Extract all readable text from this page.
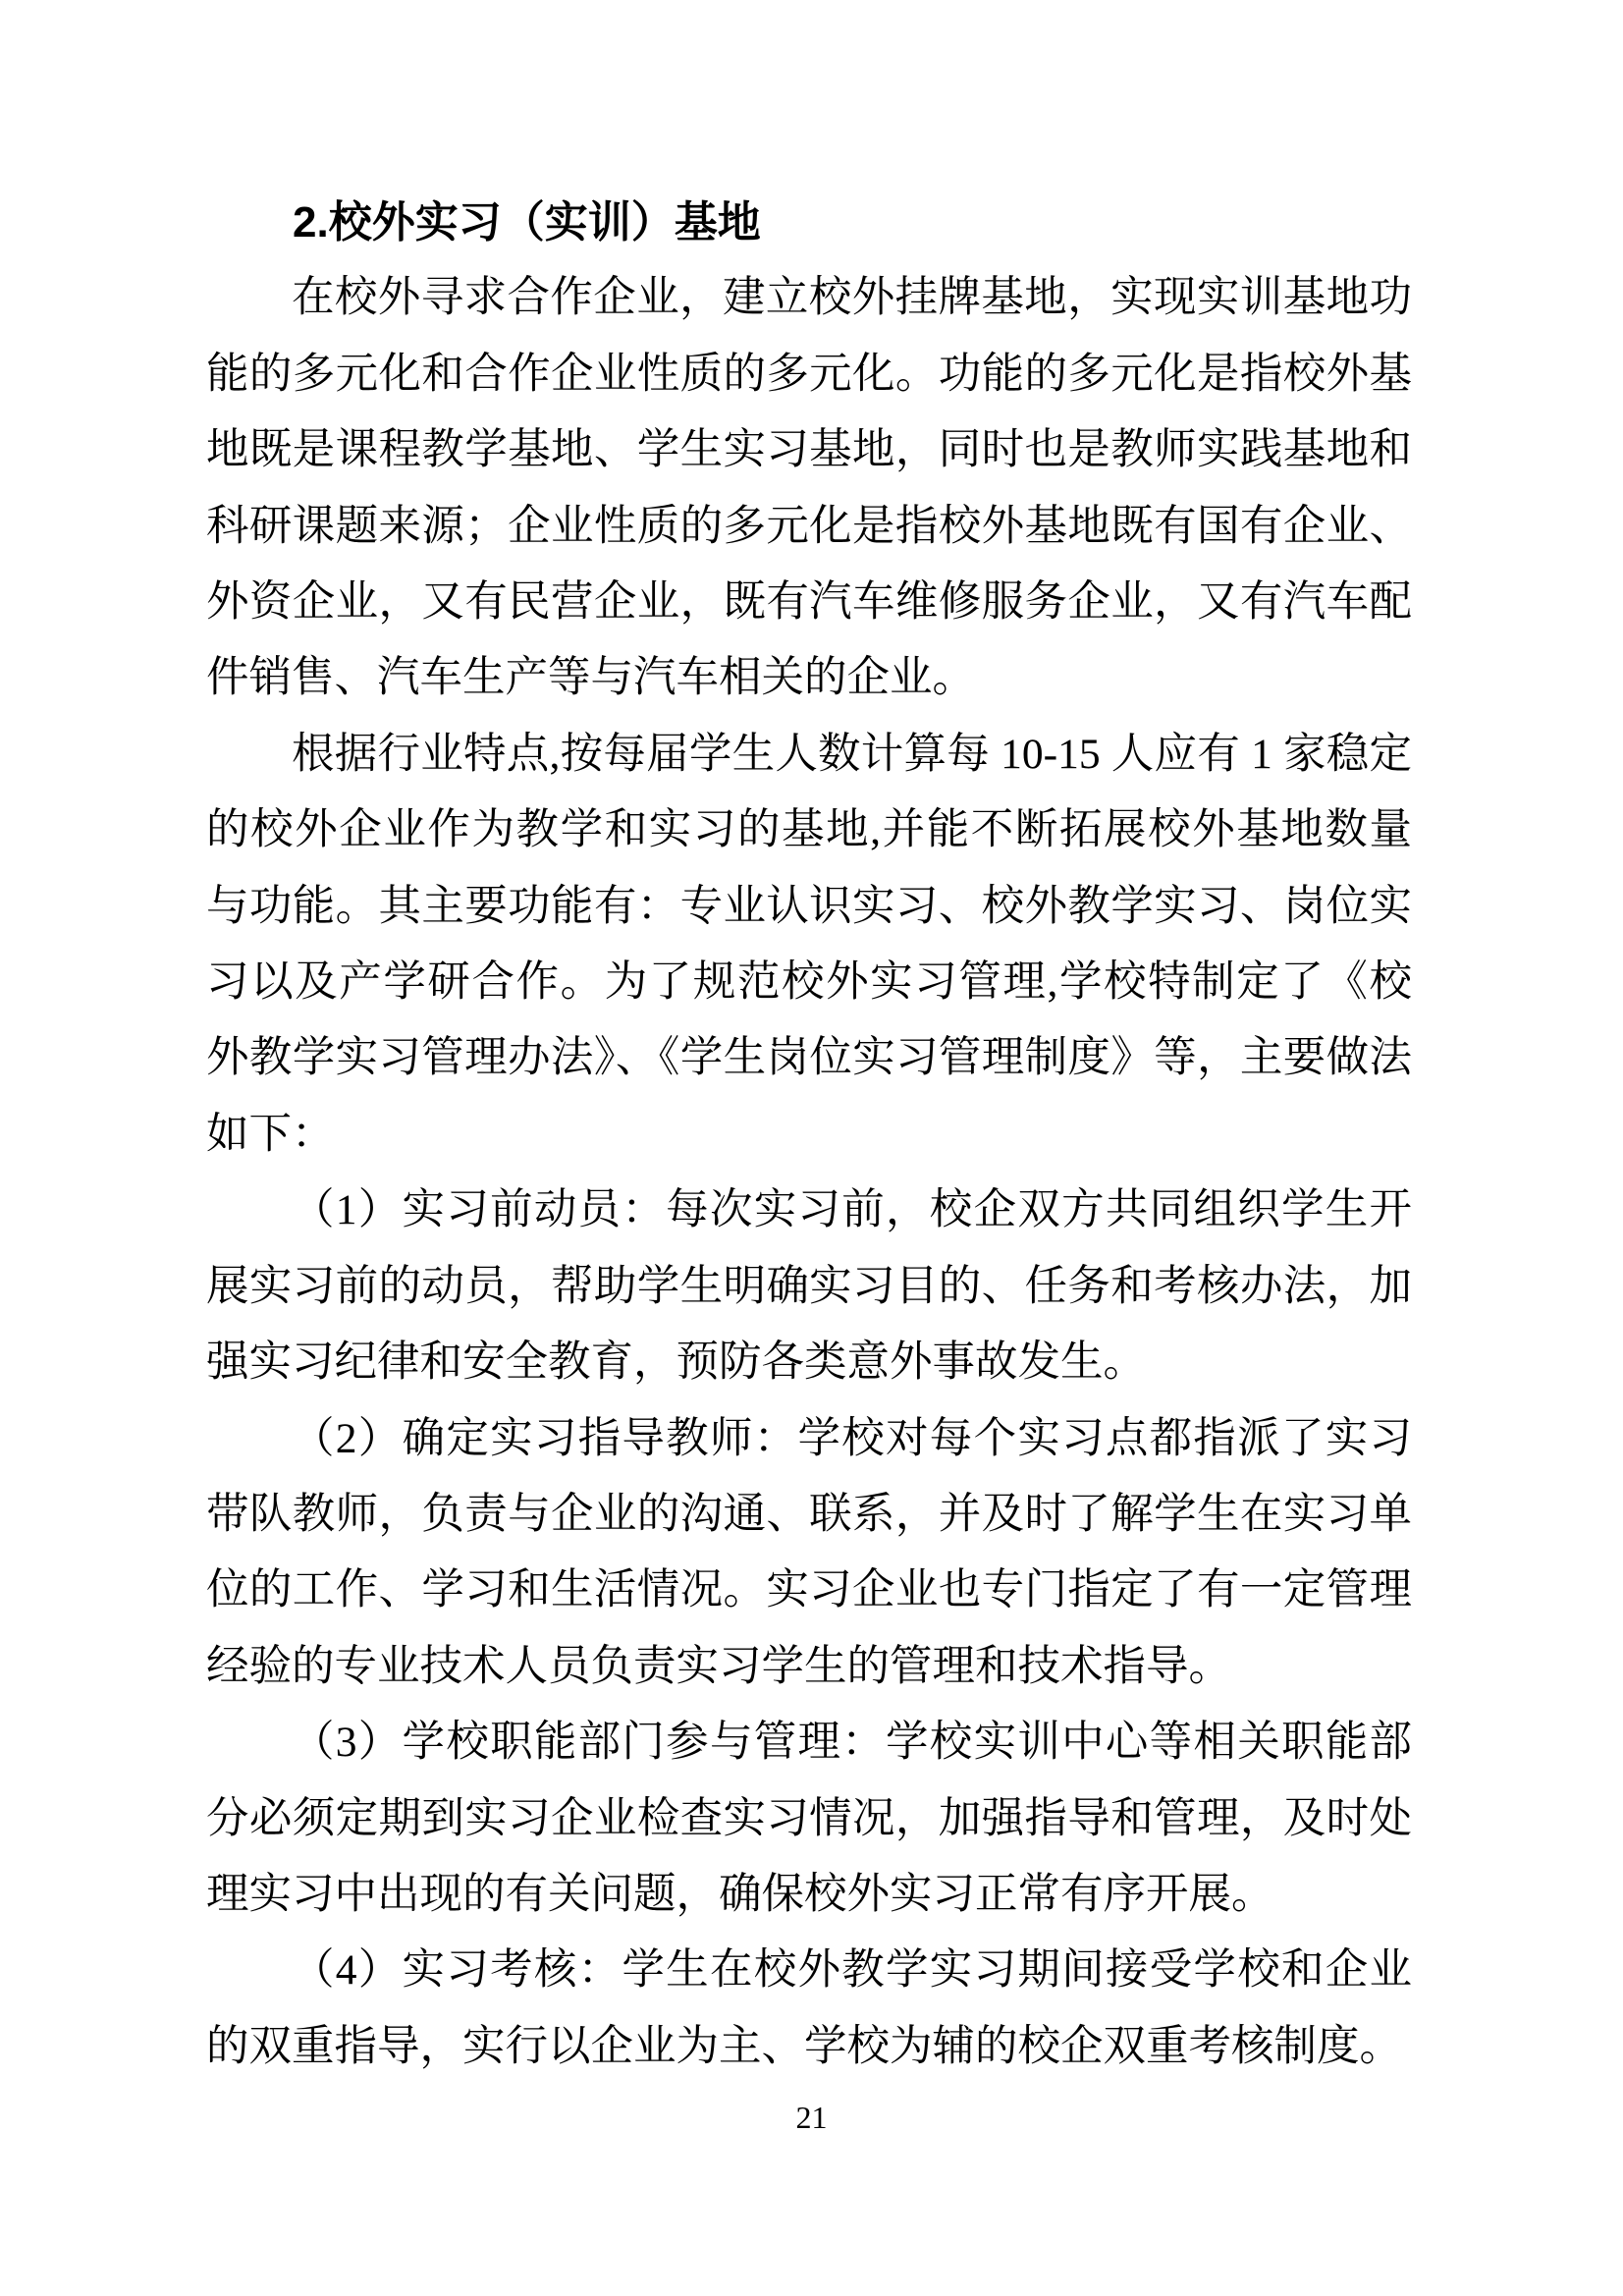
2.校外实习（实训）基地

在校外寻求合作企业，建立校外挂牌基地，实现实训基地功能的多元化和合作企业性质的多元化。功能的多元化是指校外基地既是课程教学基地、学生实习基地，同时也是教师实践基地和科研课题来源；企业性质的多元化是指校外基地既有国有企业、外资企业，又有民营企业，既有汽车维修服务企业，又有汽车配件销售、汽车生产等与汽车相关的企业。

根据行业特点,按每届学生人数计算每 10-15 人应有 1 家稳定的校外企业作为教学和实习的基地,并能不断拓展校外基地数量与功能。其主要功能有：专业认识实习、校外教学实习、岗位实习以及产学研合作。为了规范校外实习管理,学校特制定了《校外教学实习管理办法》、《学生岗位实习管理制度》等，主要做法如下：

（1）实习前动员：每次实习前，校企双方共同组织学生开展实习前的动员，帮助学生明确实习目的、任务和考核办法，加强实习纪律和安全教育，预防各类意外事故发生。

（2）确定实习指导教师：学校对每个实习点都指派了实习带队教师，负责与企业的沟通、联系，并及时了解学生在实习单位的工作、学习和生活情况。实习企业也专门指定了有一定管理经验的专业技术人员负责实习学生的管理和技术指导。

（3）学校职能部门参与管理：学校实训中心等相关职能部分必须定期到实习企业检查实习情况，加强指导和管理，及时处理实习中出现的有关问题，确保校外实习正常有序开展。

（4）实习考核：学生在校外教学实习期间接受学校和企业的双重指导，实行以企业为主、学校为辅的校企双重考核制度。

21
